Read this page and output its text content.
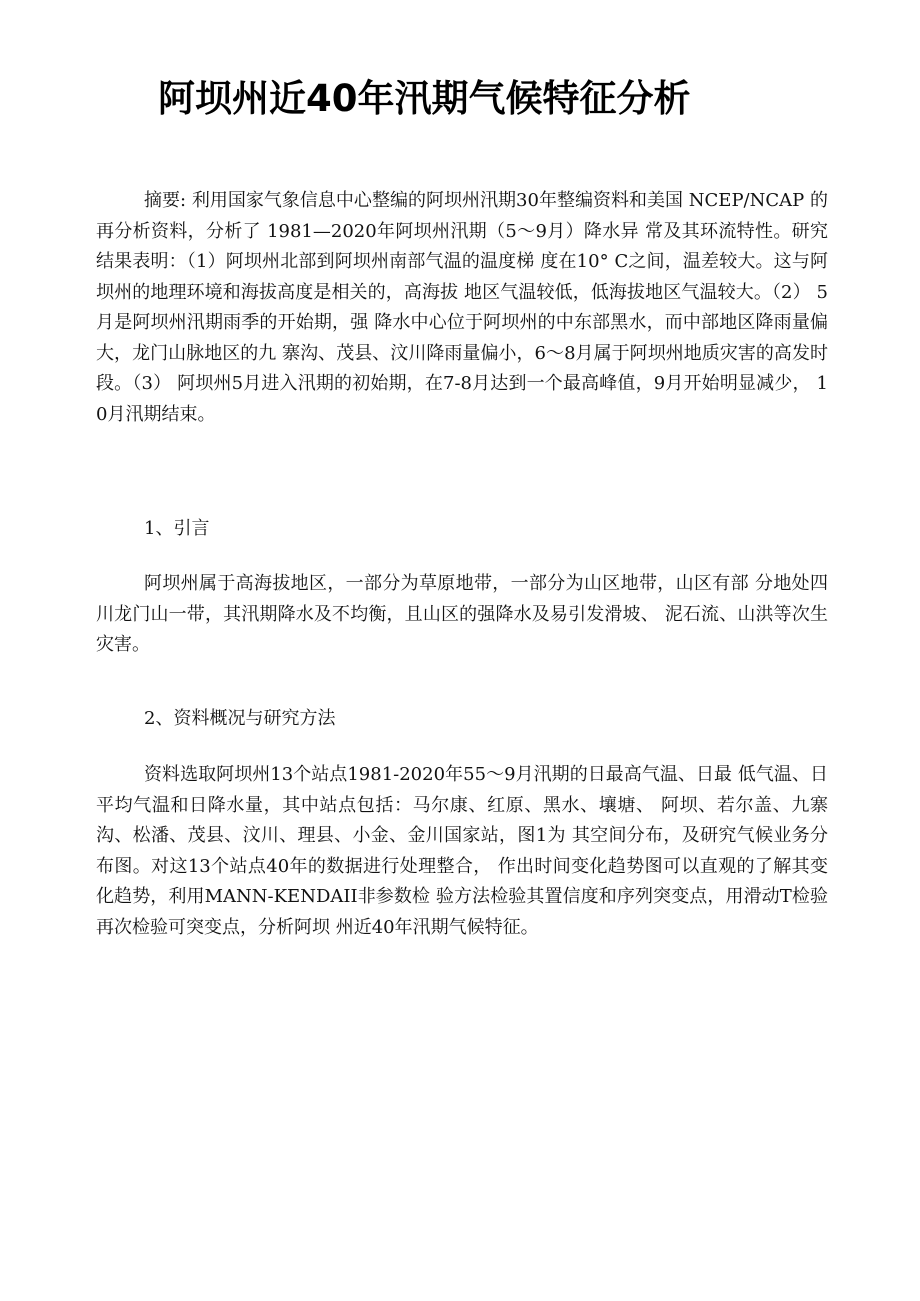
阿坝州近40年汛期气候特征分析

摘要: 利用国家气象信息中心整编的阿坝州汛期30年整编资料和美国 NCEP/NCAP 的再分析资料，分析了 1981—2020年阿坝州汛期（5〜9月）降水异 常及其环流特性。研究结果表明：（1）阿坝州北部到阿坝州南部气温的温度梯 度在10° C之间，温差较大。这与阿坝州的地理环境和海拔高度是相关的，高海拔 地区气温较低，低海拔地区气温较大。（2） 5月是阿坝州汛期雨季的开始期，强 降水中心位于阿坝州的中东部黑水，而中部地区降雨量偏大，龙门山脉地区的九 寨沟、茂县、汶川降雨量偏小，6〜8月属于阿坝州地质灾害的高发时段。（3） 阿坝州5月进入汛期的初始期，在7-8月达到一个最高峰值，9月开始明显减少， 10月汛期结束。

1、引言

阿坝州属于高海拔地区，一部分为草原地带，一部分为山区地带，山区有部 分地处四川龙门山一带，其汛期降水及不均衡，且山区的强降水及易引发滑坡、 泥石流、山洪等次生灾害。

2、资料概况与研究方法

资料选取阿坝州13个站点1981-2020年55〜9月汛期的日最高气温、日最 低气温、日平均气温和日降水量，其中站点包括：马尔康、红原、黑水、壤塘、 阿坝、若尔盖、九寨沟、松潘、茂县、汶川、理县、小金、金川国家站，图1为 其空间分布，及研究气候业务分布图。对这13个站点40年的数据进行处理整合， 作出时间变化趋势图可以直观的了解其变化趋势，利用MANN-KENDAII非参数检 验方法检验其置信度和序列突变点，用滑动T检验再次检验可突变点，分析阿坝 州近40年汛期气候特征。
